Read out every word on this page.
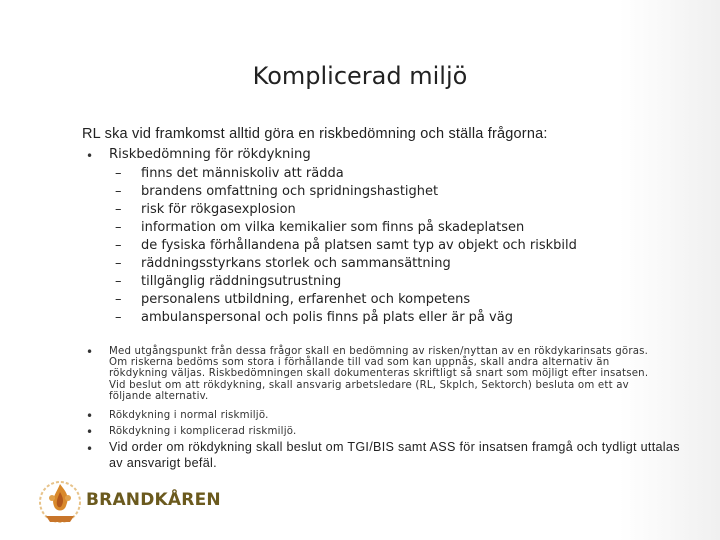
Komplicerad miljö
RL ska vid framkomst alltid göra en riskbedömning och ställa frågorna:
• Riskbedömning för rökdykning
– finns det människoliv att rädda
– brandens omfattning och spridningshastighet
– risk för rökgasexplosion
– information om vilka kemikalier som finns på skadeplatsen
– de fysiska förhållandena på platsen samt typ av objekt och riskbild
– räddningsstyrkans storlek och sammansättning
– tillgänglig räddningsutrustning
– personalens utbildning, erfarenhet och kompetens
– ambulanspersonal och polis finns på plats eller är på väg
• Med utgångspunkt från dessa frågor skall en bedömning av risken/nyttan av en rökdykarinsats göras.
Om riskerna bedöms som stora i förhållande till vad som kan uppnås, skall andra alternativ än
rökdykning väljas. Riskbedömningen skall dokumenteras skriftligt så snart som möjligt efter insatsen.
Vid beslut om att rökdykning, skall ansvarig arbetsledare (RL, Skplch, Sektorch) besluta om ett av
följande alternativ.
• Rökdykning i normal riskmiljö.
• Rökdykning i komplicerad riskmiljö.
• Vid order om rökdykning skall beslut om TGI/BIS samt ASS för insatsen framgå och tydligt uttalas av ansvarigt befäl.
BRANDKÅREN
